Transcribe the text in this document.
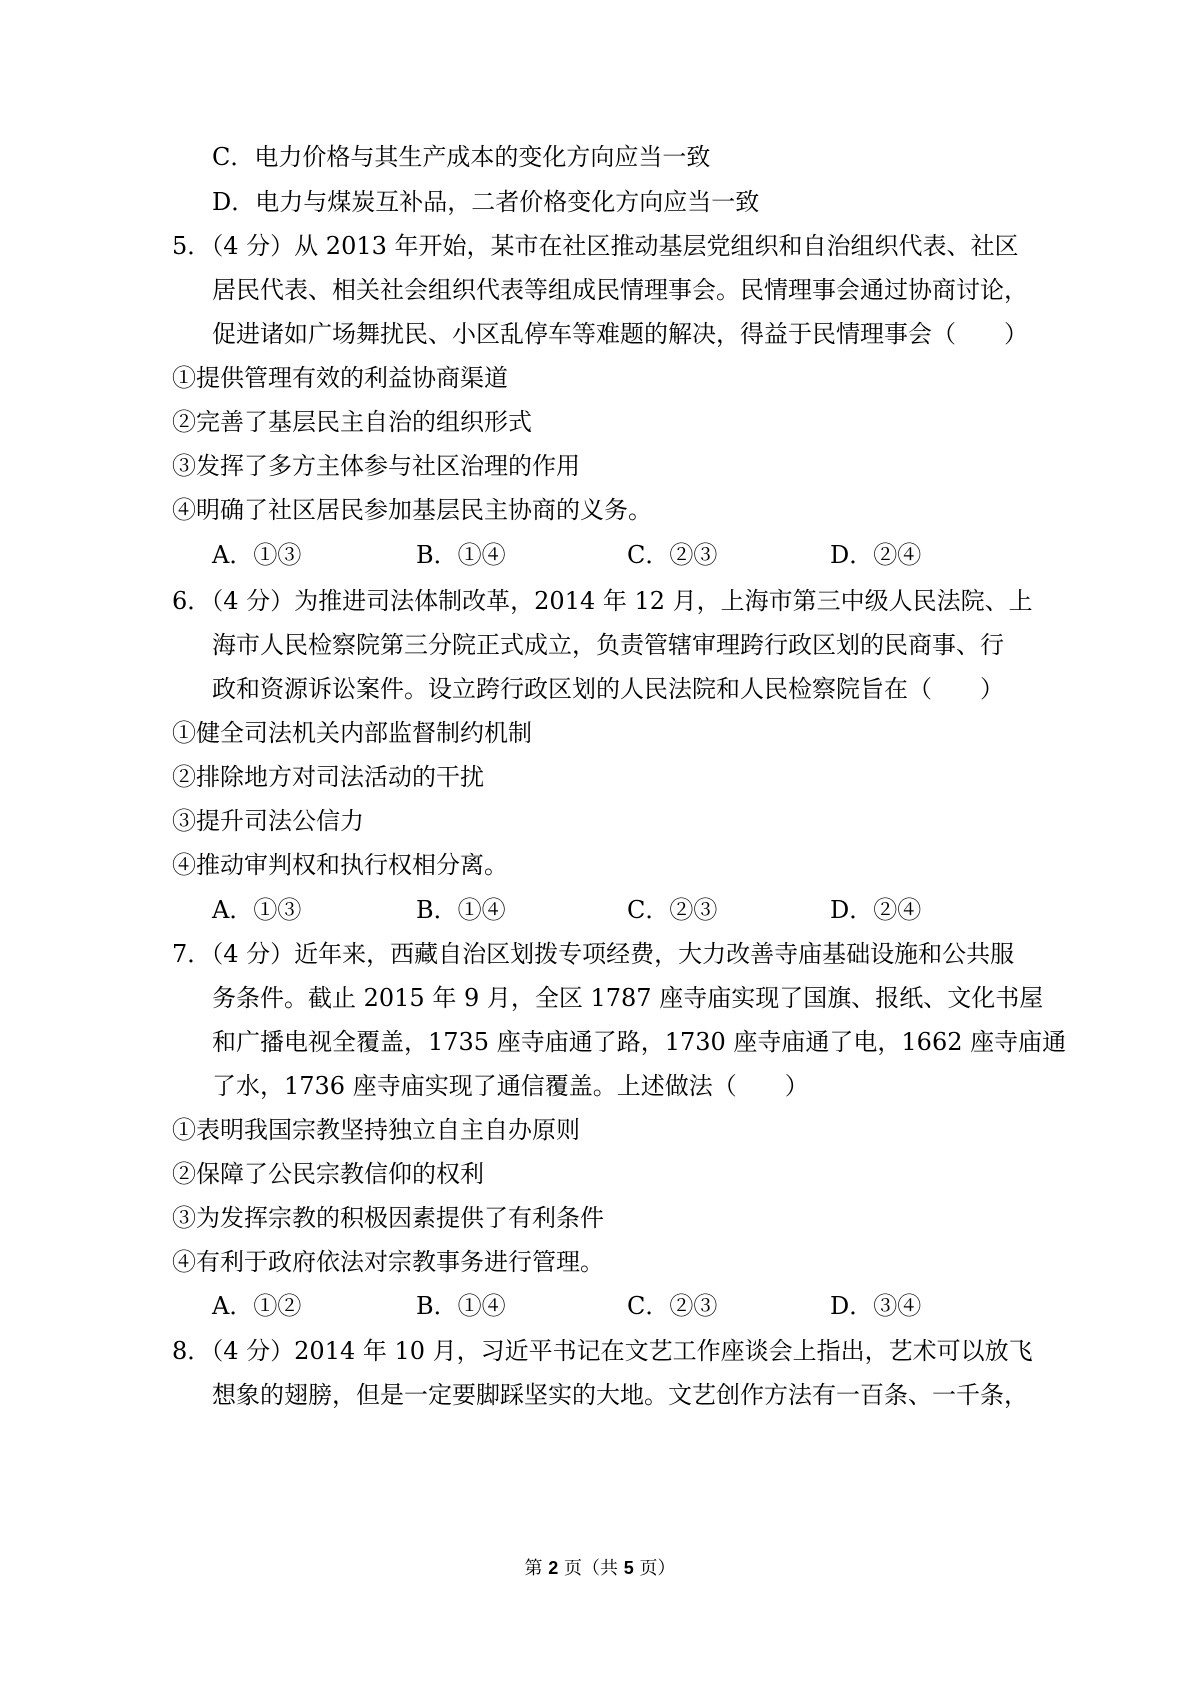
C．电力价格与其生产成本的变化方向应当一致
D．电力与煤炭互补品，二者价格变化方向应当一致
5．（4 分）从 2013 年开始，某市在社区推动基层党组织和自治组织代表、社区
居民代表、相关社会组织代表等组成民情理事会。民情理事会通过协商讨论，
促进诸如广场舞扰民、小区乱停车等难题的解决，得益于民情理事会（　　）
①提供管理有效的利益协商渠道
②完善了基层民主自治的组织形式
③发挥了多方主体参与社区治理的作用
④明确了社区居民参加基层民主协商的义务。
A．①③	B．①④	C．②③	D．②④
6．（4 分）为推进司法体制改革，2014 年 12 月，上海市第三中级人民法院、上
海市人民检察院第三分院正式成立，负责管辖审理跨行政区划的民商事、行
政和资源诉讼案件。设立跨行政区划的人民法院和人民检察院旨在（　　）
①健全司法机关内部监督制约机制
②排除地方对司法活动的干扰
③提升司法公信力
④推动审判权和执行权相分离。
A．①③	B．①④	C．②③	D．②④
7．（4 分）近年来，西藏自治区划拨专项经费，大力改善寺庙基础设施和公共服
务条件。截止 2015 年 9 月，全区 1787 座寺庙实现了国旗、报纸、文化书屋
和广播电视全覆盖，1735 座寺庙通了路，1730 座寺庙通了电，1662 座寺庙通
了水，1736 座寺庙实现了通信覆盖。上述做法（　　）
①表明我国宗教坚持独立自主自办原则
②保障了公民宗教信仰的权利
③为发挥宗教的积极因素提供了有利条件
④有利于政府依法对宗教事务进行管理。
A．①②	B．①④	C．②③	D．③④
8．（4 分）2014 年 10 月，习近平书记在文艺工作座谈会上指出，艺术可以放飞
想象的翅膀，但是一定要脚踩坚实的大地。文艺创作方法有一百条、一千条，
第 2 页（共 5 页）
